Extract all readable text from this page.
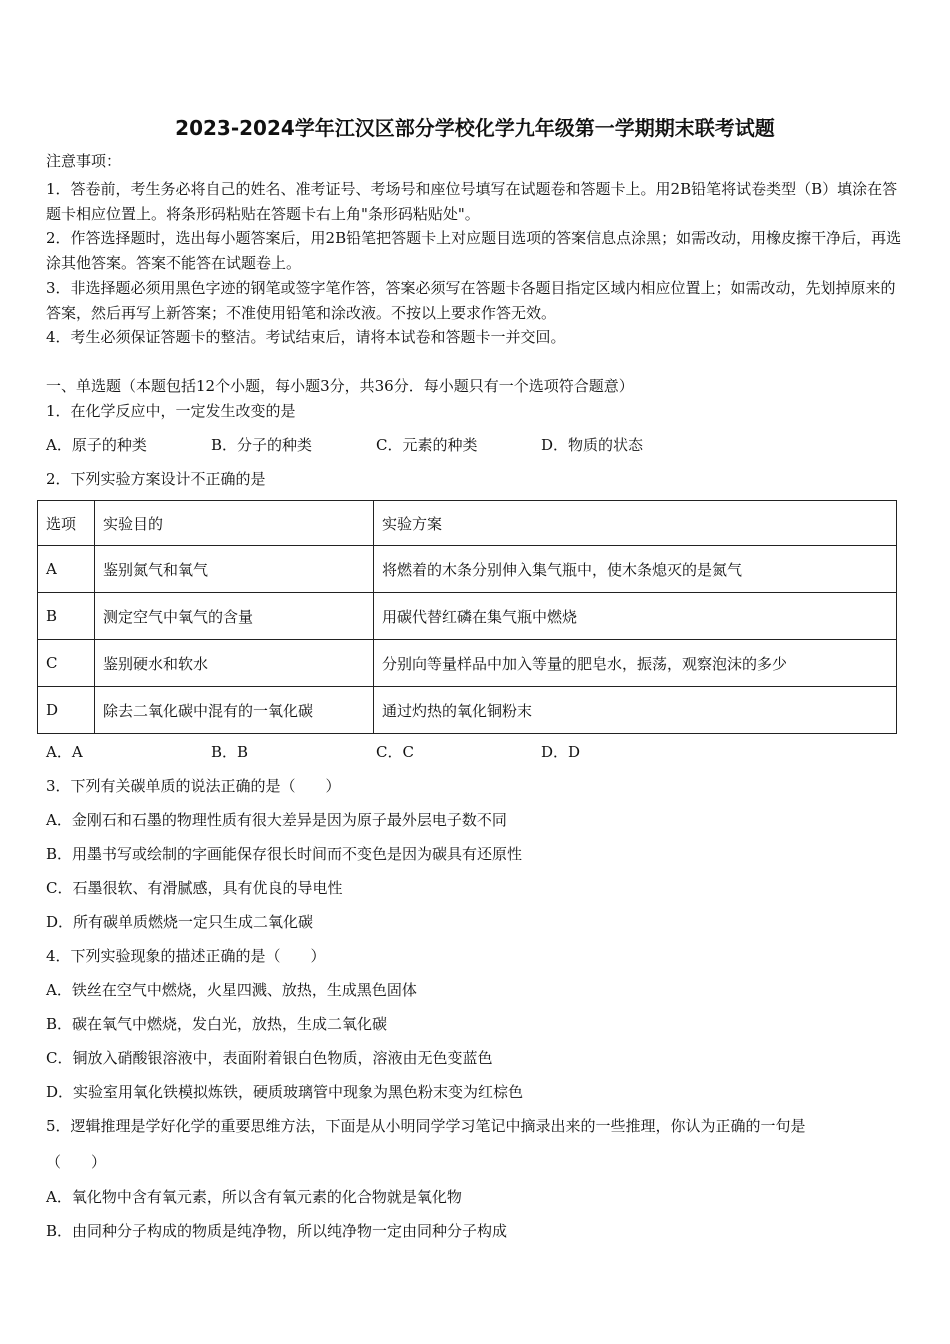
2023-2024学年江汉区部分学校化学九年级第一学期期末联考试题
注意事项：
1．答卷前，考生务必将自己的姓名、准考证号、考场号和座位号填写在试题卷和答题卡上。用2B铅笔将试卷类型（B）填涂在答题卡相应位置上。将条形码粘贴在答题卡右上角"条形码粘贴处"。
2．作答选择题时，选出每小题答案后，用2B铅笔把答题卡上对应题目选项的答案信息点涂黑；如需改动，用橡皮擦干净后，再选涂其他答案。答案不能答在试题卷上。
3．非选择题必须用黑色字迹的钢笔或签字笔作答，答案必须写在答题卡各题目指定区域内相应位置上；如需改动，先划掉原来的答案，然后再写上新答案；不准使用铅笔和涂改液。不按以上要求作答无效。
4．考生必须保证答题卡的整洁。考试结束后，请将本试卷和答题卡一并交回。
一、单选题（本题包括12个小题，每小题3分，共36分．每小题只有一个选项符合题意）
1．在化学反应中，一定发生改变的是
A．原子的种类	B．分子的种类	C．元素的种类	D．物质的状态
2．下列实验方案设计不正确的是
选项	实验目的	实验方案
A	鉴别氮气和氧气	将燃着的木条分别伸入集气瓶中，使木条熄灭的是氮气
B	测定空气中氧气的含量	用碳代替红磷在集气瓶中燃烧
C	鉴别硬水和软水	分别向等量样品中加入等量的肥皂水，振荡，观察泡沫的多少
D	除去二氧化碳中混有的一氧化碳	通过灼热的氧化铜粉末
A．A	B．B	C．C	D．D
3．下列有关碳单质的说法正确的是（　　）
A．金刚石和石墨的物理性质有很大差异是因为原子最外层电子数不同
B．用墨书写或绘制的字画能保存很长时间而不变色是因为碳具有还原性
C．石墨很软、有滑腻感，具有优良的导电性
D．所有碳单质燃烧一定只生成二氧化碳
4．下列实验现象的描述正确的是（　　）
A．铁丝在空气中燃烧，火星四溅、放热，生成黑色固体
B．碳在氧气中燃烧，发白光，放热，生成二氧化碳
C．铜放入硝酸银溶液中，表面附着银白色物质，溶液由无色变蓝色
D．实验室用氧化铁模拟炼铁，硬质玻璃管中现象为黑色粉末变为红棕色
5．逻辑推理是学好化学的重要思维方法，下面是从小明同学学习笔记中摘录出来的一些推理，你认为正确的一句是
（　　）
A．氧化物中含有氧元素，所以含有氧元素的化合物就是氧化物
B．由同种分子构成的物质是纯净物，所以纯净物一定由同种分子构成
